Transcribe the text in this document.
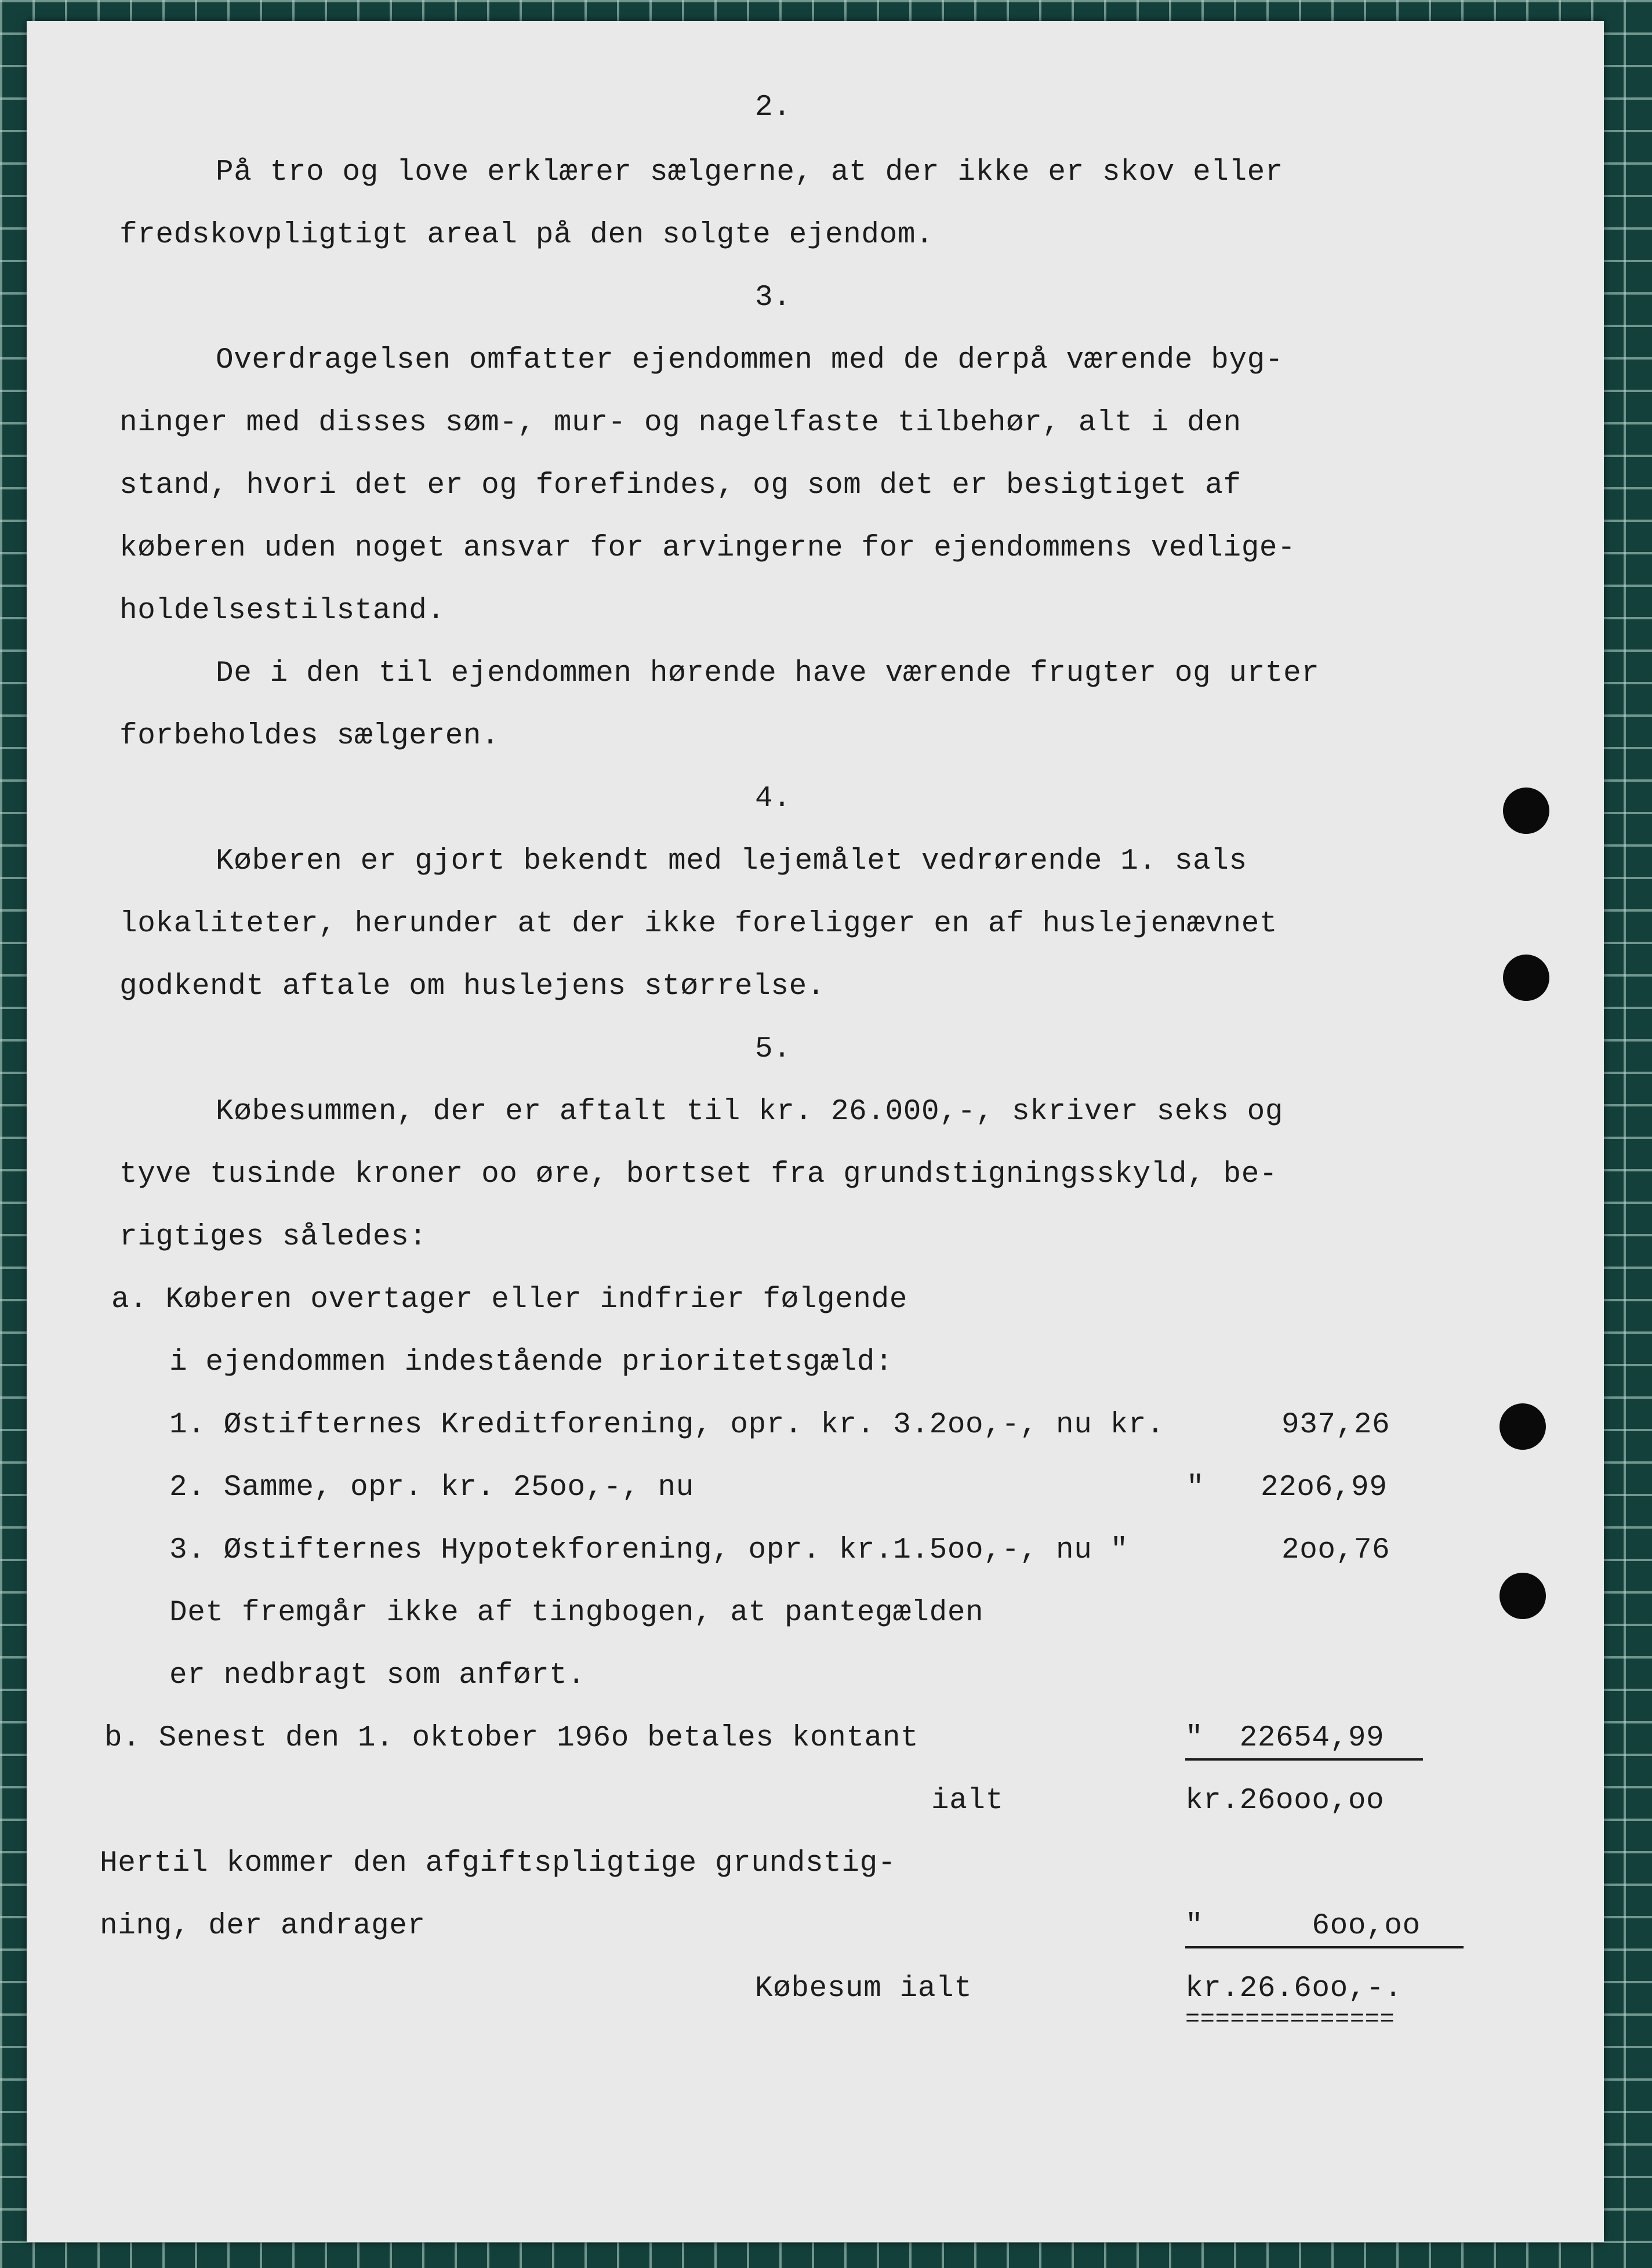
2.
På tro og love erklærer sælgerne, at der ikke er skov eller
fredskovpligtigt areal på den solgte ejendom.
3.
Overdragelsen omfatter ejendommen med de derpå værende byg-
ninger med disses søm-, mur- og nagelfaste tilbehør, alt i den
stand, hvori det er og forefindes, og som det er besigtiget af
køberen uden noget ansvar for arvingerne for ejendommens vedlige-
holdelsestilstand.
De i den til ejendommen hørende have værende frugter og urter
forbeholdes sælgeren.
4.
Køberen er gjort bekendt med lejemålet vedrørende 1. sals
lokaliteter, herunder at der ikke foreligger en af huslejenævnet
godkendt aftale om huslejens størrelse.
5.
Købesummen, der er aftalt til kr. 26.000,-, skriver seks og
tyve tusinde kroner oo øre, bortset fra grundstigningsskyld, be-
rigtiges således:
a. Køberen overtager eller indfrier følgende
i ejendommen indestående prioritetsgæld:
1. Østifternes Kreditforening, opr. kr. 3.2oo,-, nu kr.	937,26
2. Samme, opr. kr. 25oo,-, nu	" 22o6,99
3. Østifternes Hypotekforening, opr. kr.1.5oo,-, nu "	2oo,76
Det fremgår ikke af tingbogen, at pantegælden
er nedbragt som anført.
b. Senest den 1. oktober 196o betales kontant	"  22654,99
ialt	kr.26ooo,oo
Hertil kommer den afgiftspligtige grundstig-
ning, der andrager	"      6oo,oo
Købesum ialt	kr.26.6oo,-.
==============
